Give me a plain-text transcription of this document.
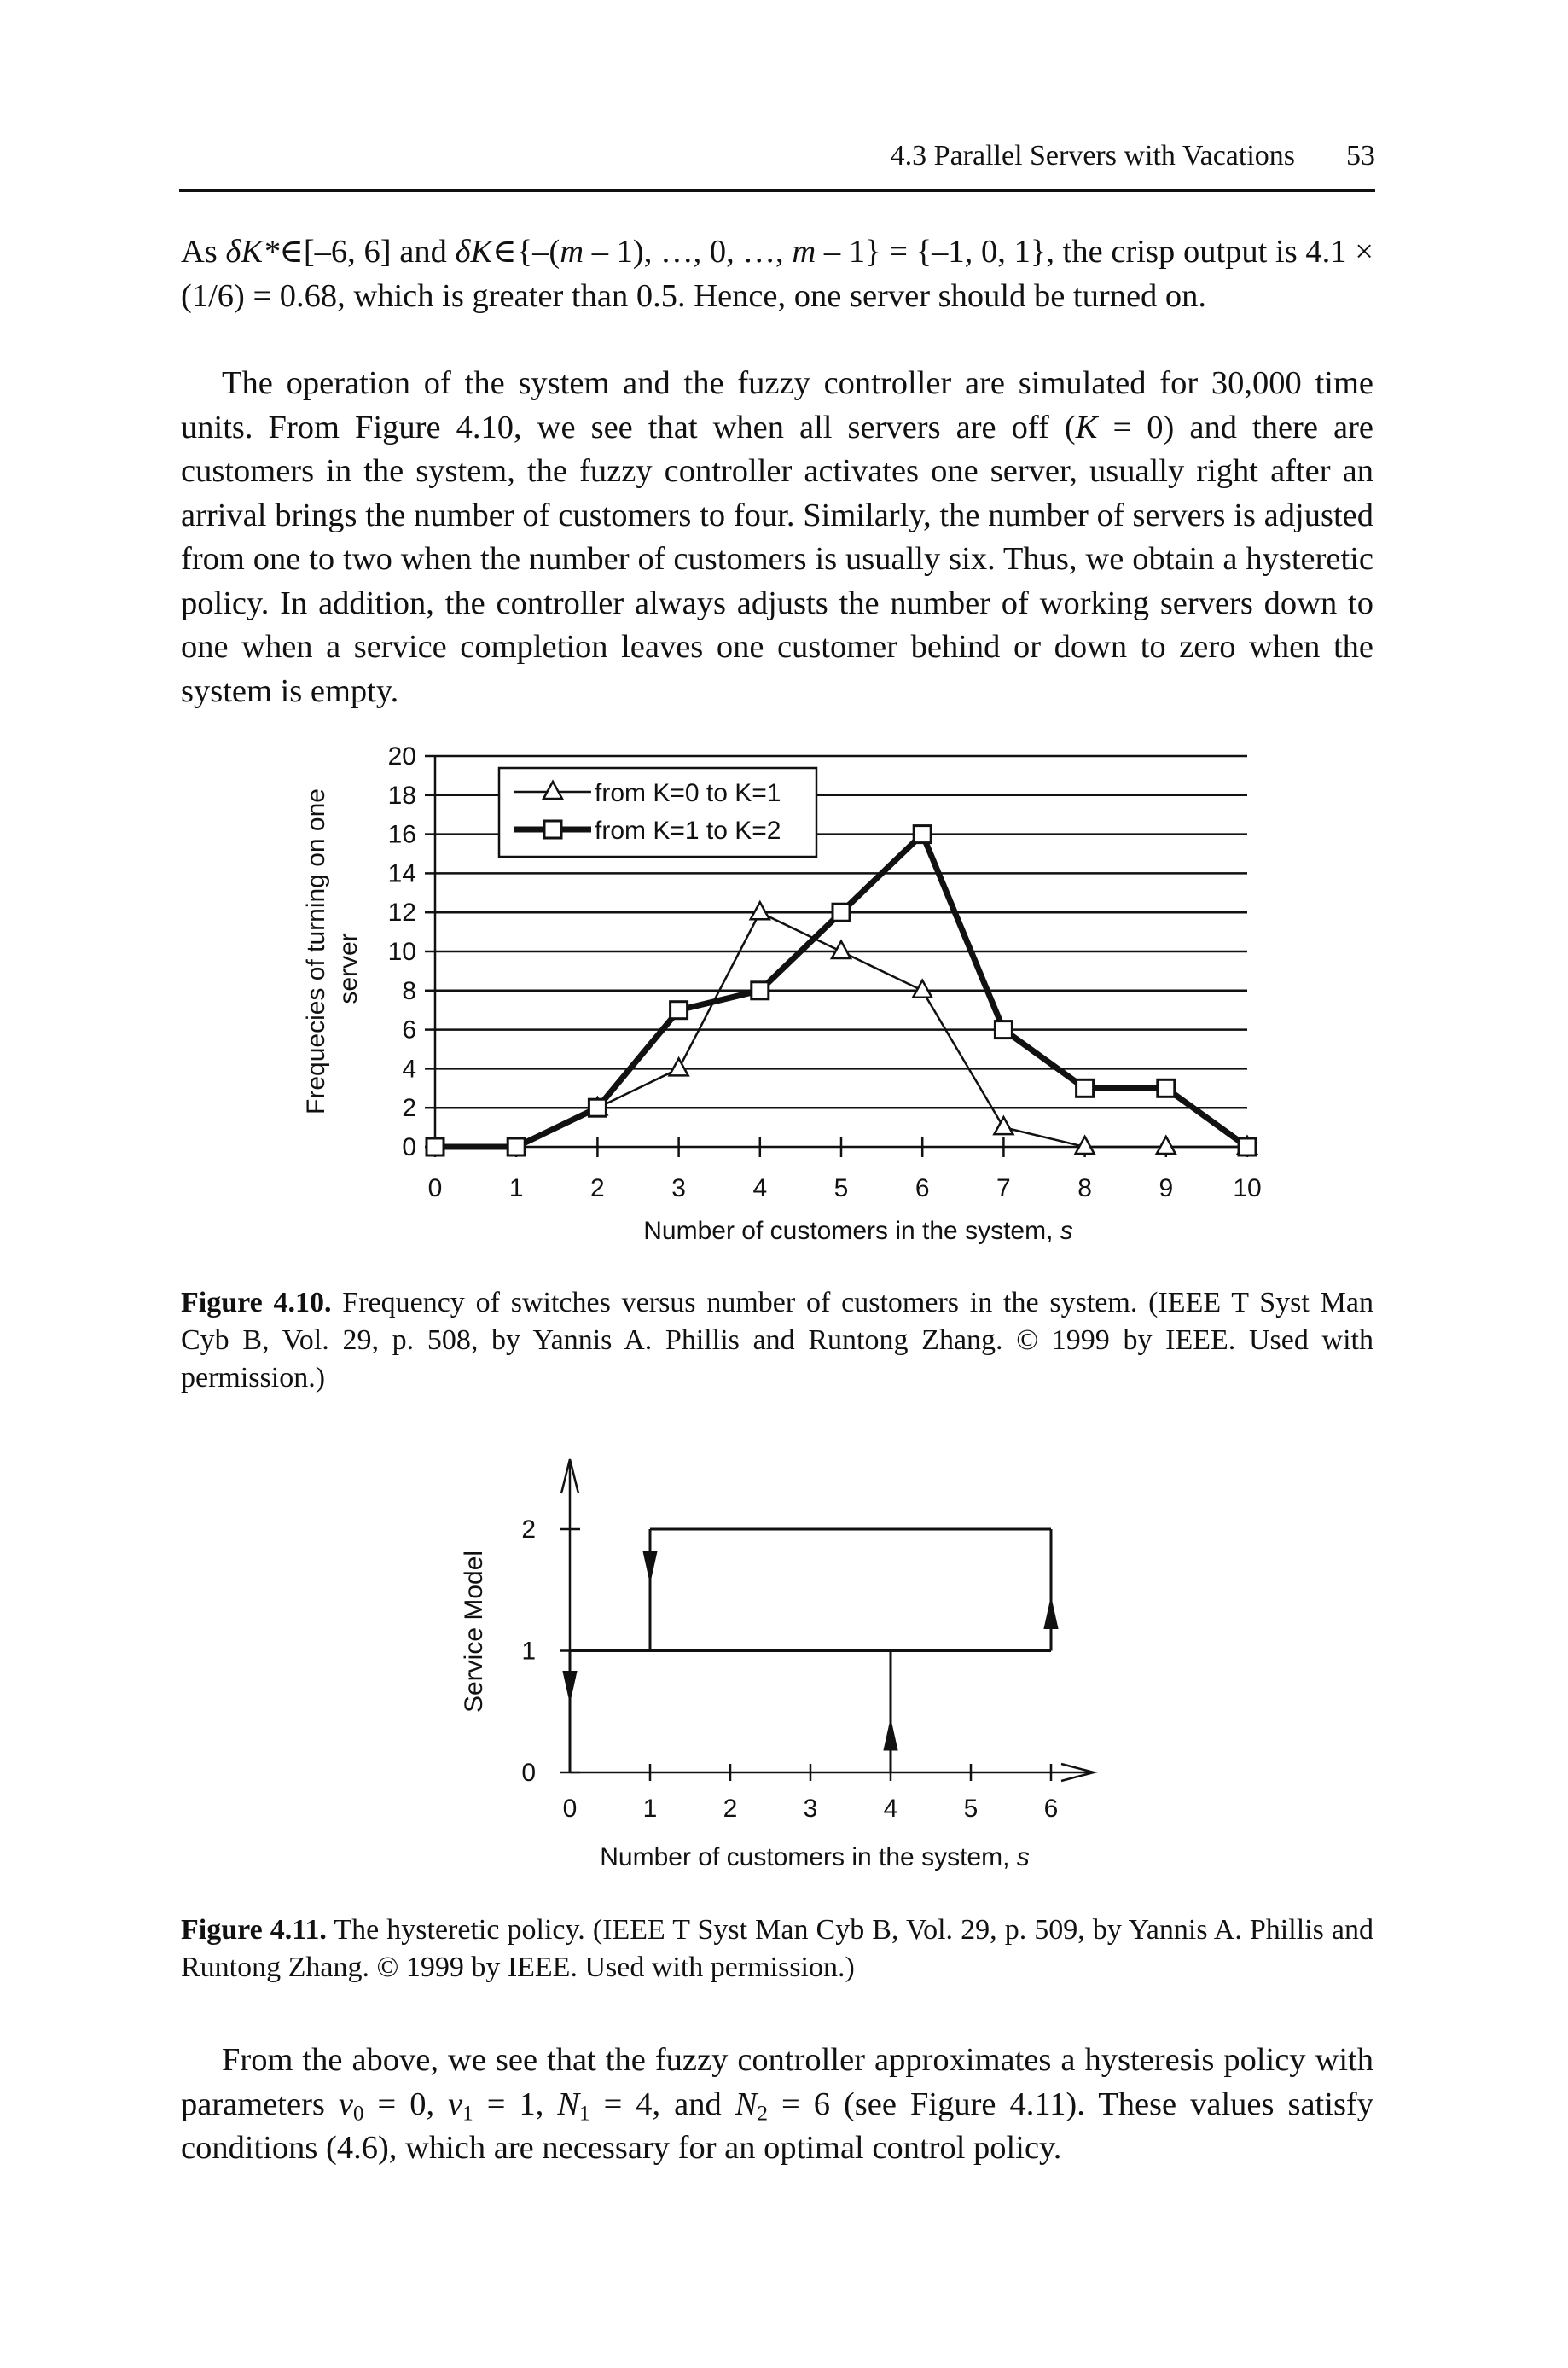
4.3 Parallel Servers with Vacations 53

As δK*∈[–6, 6] and δK∈{–(m – 1), …, 0, …, m – 1} = {–1, 0, 1}, the crisp output is 4.1 × (1/6) = 0.68, which is greater than 0.5. Hence, one server should be turned on.

The operation of the system and the fuzzy controller are simulated for 30,000 time units. From Figure 4.10, we see that when all servers are off (K = 0) and there are customers in the system, the fuzzy controller activates one server, usually right after an arrival brings the number of customers to four. Similarly, the number of servers is adjusted from one to two when the number of customers is usually six. Thus, we obtain a hysteretic policy. In addition, the controller always adjusts the number of working servers down to one when a service completion leaves one customer behind or down to zero when the system is empty.

from K=0 to K=1
from K=1 to K=2
0
2
4
6
8
10
12
14
16
18
20
0	1	2	3	4	5	6	7	8	9 10
Number of customers in the system, s
Frequecies of turning on one server
0	1	2	3	4	5	6
0
1
2
Service Model
Number of customers in the system, s
Figure 4.10. Frequency of switches versus number of customers in the system. (IEEE T Syst Man Cyb B, Vol. 29, p. 508, by Yannis A. Phillis and Runtong Zhang. © 1999 by IEEE. Used with permission.)
Figure 4.11. The hysteretic policy. (IEEE T Syst Man Cyb B, Vol. 29, p. 509, by Yannis A. Phillis and Runtong Zhang. © 1999 by IEEE. Used with permission.)

From the above, we see that the fuzzy controller approximates a hysteresis policy with parameters $v_0 = 0$, $v_1 = 1$, $N_1 = 4$, and $N_2 = 6$ (see Figure 4.11). These values satisfy conditions (4.6), which are necessary for an optimal control policy.
